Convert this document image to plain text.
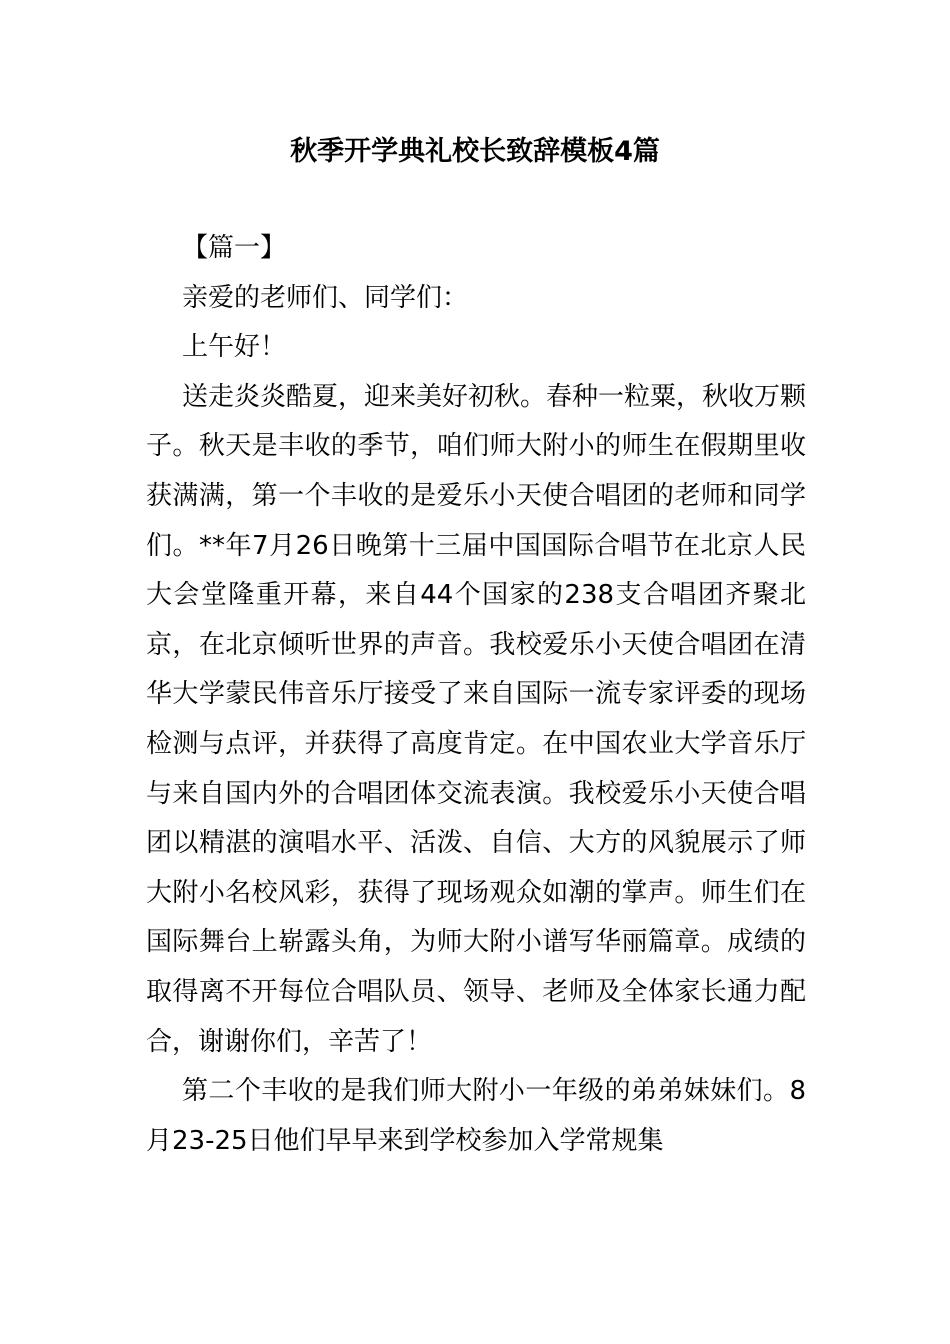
秋季开学典礼校长致辞模板4篇

【篇一】

亲爱的老师们、同学们：

上午好！

送走炎炎酷夏，迎来美好初秋。春种一粒粟，秋收万颗子。秋天是丰收的季节，咱们师大附小的师生在假期里收获满满，第一个丰收的是爱乐小天使合唱团的老师和同学们。**年7月26日晚第十三届中国国际合唱节在北京人民大会堂隆重开幕，来自44个国家的238支合唱团齐聚北京，在北京倾听世界的声音。我校爱乐小天使合唱团在清华大学蒙民伟音乐厅接受了来自国际一流专家评委的现场检测与点评，并获得了高度肯定。在中国农业大学音乐厅与来自国内外的合唱团体交流表演。我校爱乐小天使合唱团以精湛的演唱水平、活泼、自信、大方的风貌展示了师大附小名校风彩，获得了现场观众如潮的掌声。师生们在国际舞台上崭露头角，为师大附小谱写华丽篇章。成绩的取得离不开每位合唱队员、领导、老师及全体家长通力配合，谢谢你们，辛苦了！

第二个丰收的是我们师大附小一年级的弟弟妹妹们。8月23-25日他们早早来到学校参加入学常规集
